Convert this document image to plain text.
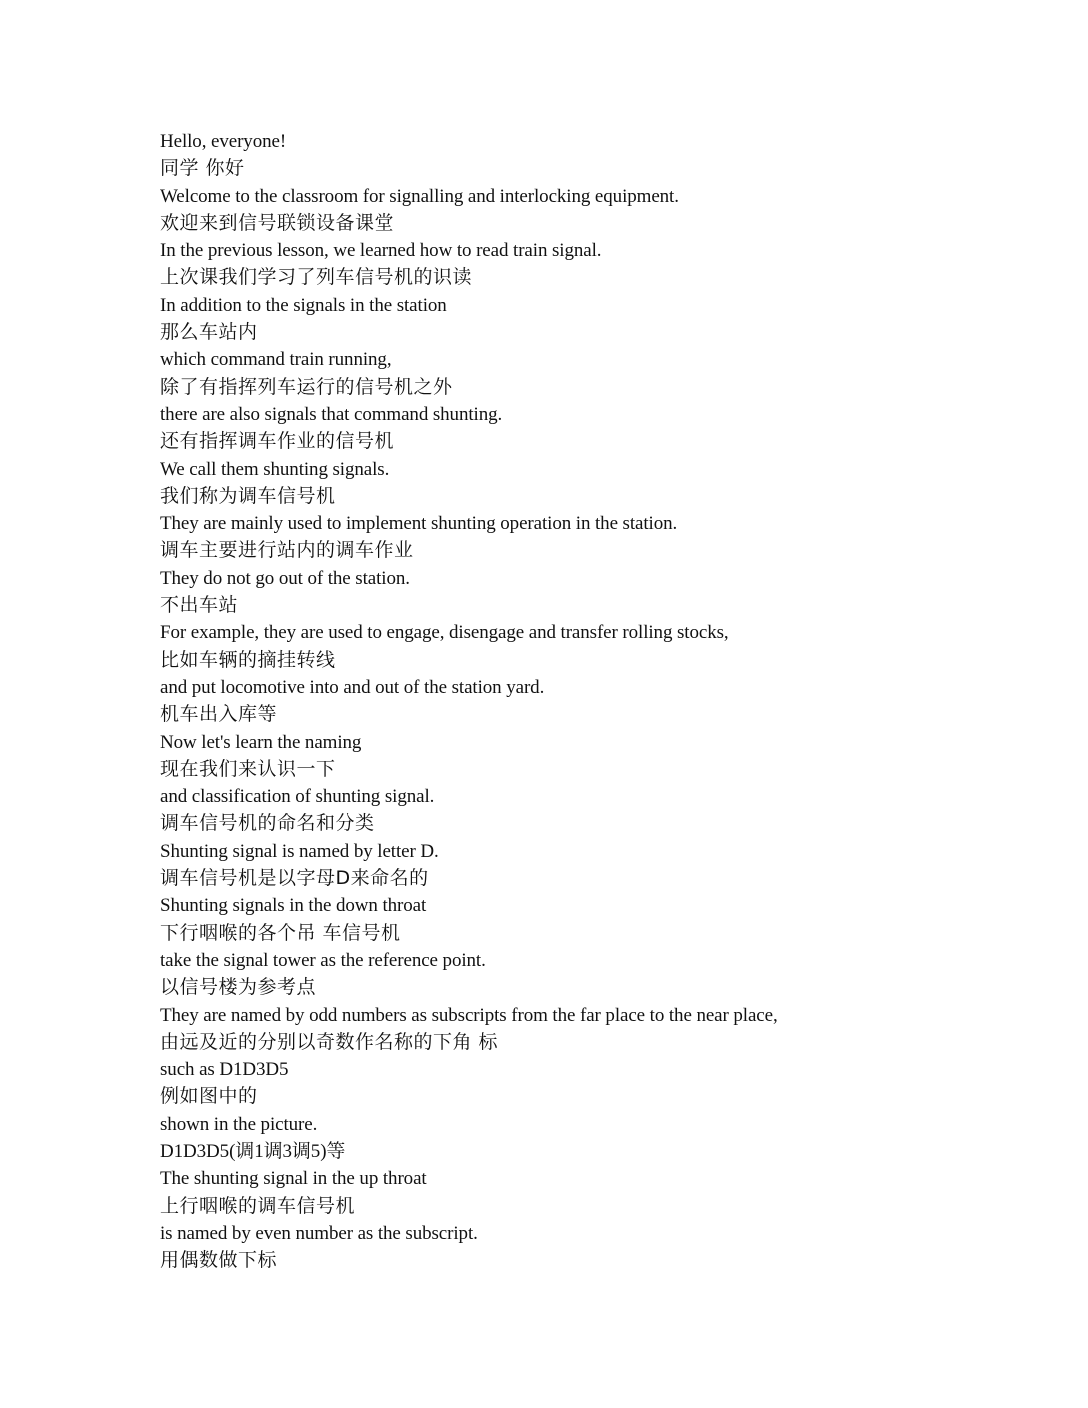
Hello, everyone!
同学 你好
Welcome to the classroom for signalling and interlocking equipment.
欢迎来到信号联锁设备课堂
In the previous lesson, we learned how to read train signal.
上次课我们学习了列车信号机的识读
In addition to the signals in the station
那么车站内
which command train running,
除了有指挥列车运行的信号机之外
there are also signals that command shunting.
还有指挥调车作业的信号机
We call them shunting signals.
我们称为调车信号机
They are mainly used to implement shunting operation in the station.
调车主要进行站内的调车作业
They do not go out of the station.
不出车站
For example, they are used to engage, disengage and transfer rolling stocks,
比如车辆的摘挂转线
and put locomotive into and out of the station yard.
机车出入库等
Now let's learn the naming
现在我们来认识一下
and classification of shunting signal.
调车信号机的命名和分类
Shunting signal is named by letter D.
调车信号机是以字母D来命名的
Shunting signals in the down throat
下行咽喉的各个吊 车信号机
take the signal tower as the reference point.
以信号楼为参考点
They are named by odd numbers as subscripts from the far place to the near place,
由远及近的分别以奇数作名称的下角 标
such as D1D3D5
例如图中的
shown in the picture.
D1D3D5(调1调3调5)等
The shunting signal in the up throat
上行咽喉的调车信号机
is named by even number as the subscript.
用偶数做下标
